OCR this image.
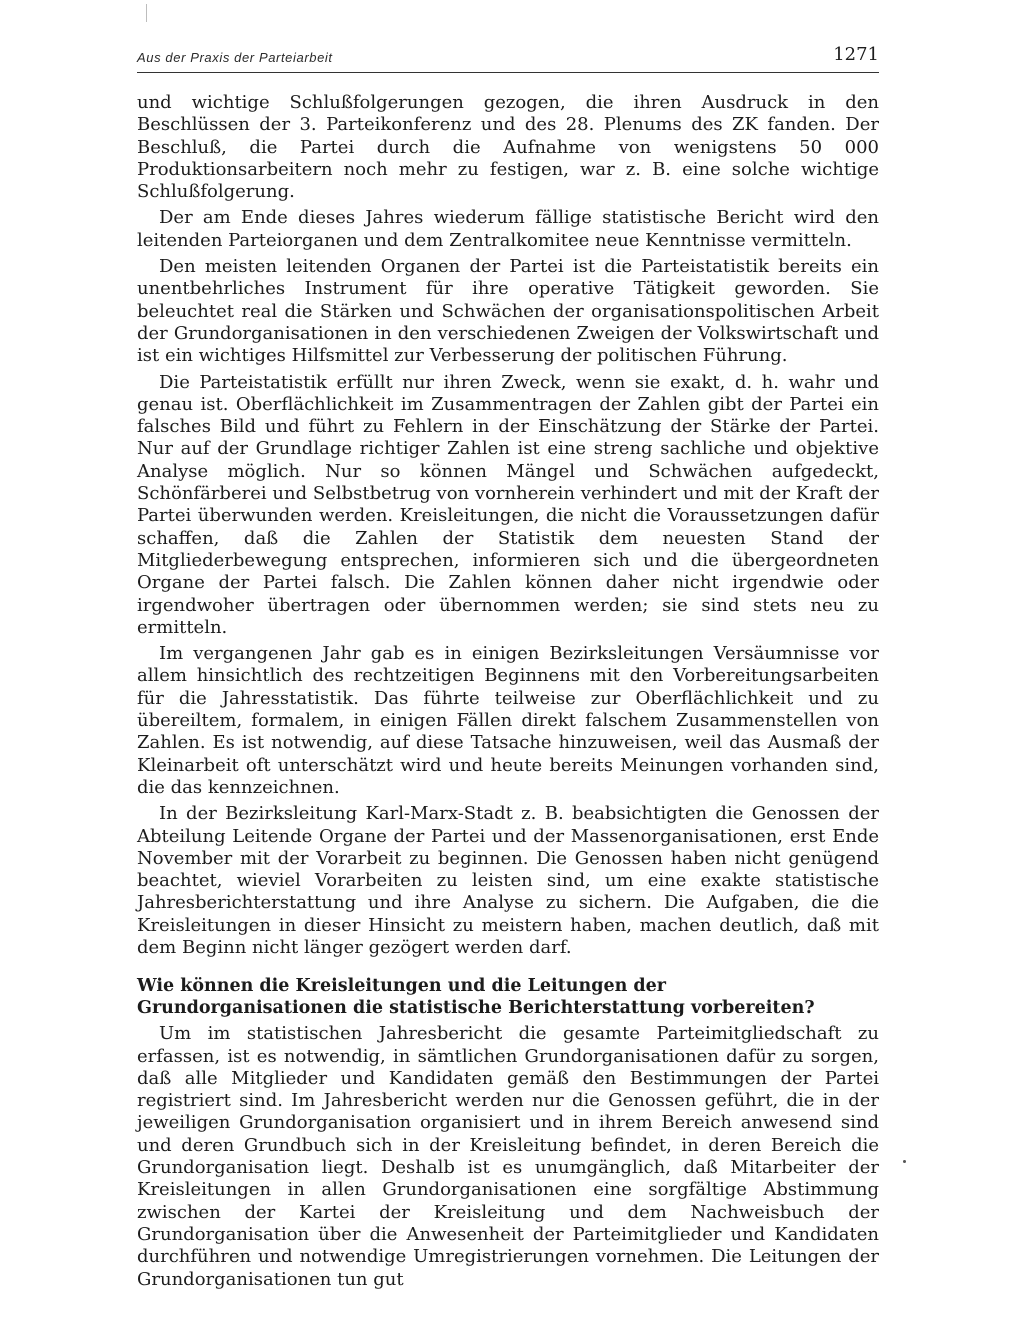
Aus der Praxis der Parteiarbeit	1271

und wichtige Schlußfolgerungen gezogen, die ihren Ausdruck in den Beschlüssen der 3. Parteikonferenz und des 28. Plenums des ZK fanden. Der Beschluß, die Partei durch die Aufnahme von wenigstens 50 000 Produktionsarbeitern noch mehr zu festigen, war z. B. eine solche wichtige Schlußfolgerung.

Der am Ende dieses Jahres wiederum fällige statistische Bericht wird den leitenden Parteiorganen und dem Zentralkomitee neue Kenntnisse vermitteln.

Den meisten leitenden Organen der Partei ist die Parteistatistik bereits ein unentbehrliches Instrument für ihre operative Tätigkeit geworden. Sie beleuchtet real die Stärken und Schwächen der organisationspolitischen Arbeit der Grundorganisationen in den verschiedenen Zweigen der Volkswirtschaft und ist ein wichtiges Hilfsmittel zur Verbesserung der politischen Führung.

Die Parteistatistik erfüllt nur ihren Zweck, wenn sie exakt, d. h. wahr und genau ist. Oberflächlichkeit im Zusammentragen der Zahlen gibt der Partei ein falsches Bild und führt zu Fehlern in der Einschätzung der Stärke der Partei. Nur auf der Grundlage richtiger Zahlen ist eine streng sachliche und objektive Analyse möglich. Nur so können Mängel und Schwächen aufgedeckt, Schönfärberei und Selbstbetrug von vornherein verhindert und mit der Kraft der Partei überwunden werden. Kreisleitungen, die nicht die Voraussetzungen dafür schaffen, daß die Zahlen der Statistik dem neuesten Stand der Mitgliederbewegung entsprechen, informieren sich und die übergeordneten Organe der Partei falsch. Die Zahlen können daher nicht irgendwie oder irgendwoher übertragen oder übernommen werden; sie sind stets neu zu ermitteln.

Im vergangenen Jahr gab es in einigen Bezirksleitungen Versäumnisse vor allem hinsichtlich des rechtzeitigen Beginnens mit den Vorbereitungsarbeiten für die Jahresstatistik. Das führte teilweise zur Oberflächlichkeit und zu übereiltem, formalem, in einigen Fällen direkt falschem Zusammenstellen von Zahlen. Es ist notwendig, auf diese Tatsache hinzuweisen, weil das Ausmaß der Kleinarbeit oft unterschätzt wird und heute bereits Meinungen vorhanden sind, die das kennzeichnen.

In der Bezirksleitung Karl-Marx-Stadt z. B. beabsichtigten die Genossen der Abteilung Leitende Organe der Partei und der Massenorganisationen, erst Ende November mit der Vorarbeit zu beginnen. Die Genossen haben nicht genügend beachtet, wieviel Vorarbeiten zu leisten sind, um eine exakte statistische Jahresberichterstattung und ihre Analyse zu sichern. Die Aufgaben, die die Kreisleitungen in dieser Hinsicht zu meistern haben, machen deutlich, daß mit dem Beginn nicht länger gezögert werden darf.

Wie können die Kreisleitungen und die Leitungen der Grundorganisationen die statistische Berichterstattung vorbereiten?

Um im statistischen Jahresbericht die gesamte Parteimitgliedschaft zu erfassen, ist es notwendig, in sämtlichen Grundorganisationen dafür zu sorgen, daß alle Mitglieder und Kandidaten gemäß den Bestimmungen der Partei registriert sind. Im Jahresbericht werden nur die Genossen geführt, die in der jeweiligen Grundorganisation organisiert und in ihrem Bereich anwesend sind und deren Grundbuch sich in der Kreisleitung befindet, in deren Bereich die Grundorganisation liegt. Deshalb ist es unumgänglich, daß Mitarbeiter der Kreisleitungen in allen Grundorganisationen eine sorgfältige Abstimmung zwischen der Kartei der Kreisleitung und dem Nachweisbuch der Grundorganisation über die Anwesenheit der Parteimitglieder und Kandidaten durchführen und notwendige Umregistrierungen vornehmen. Die Leitungen der Grundorganisationen tun gut
